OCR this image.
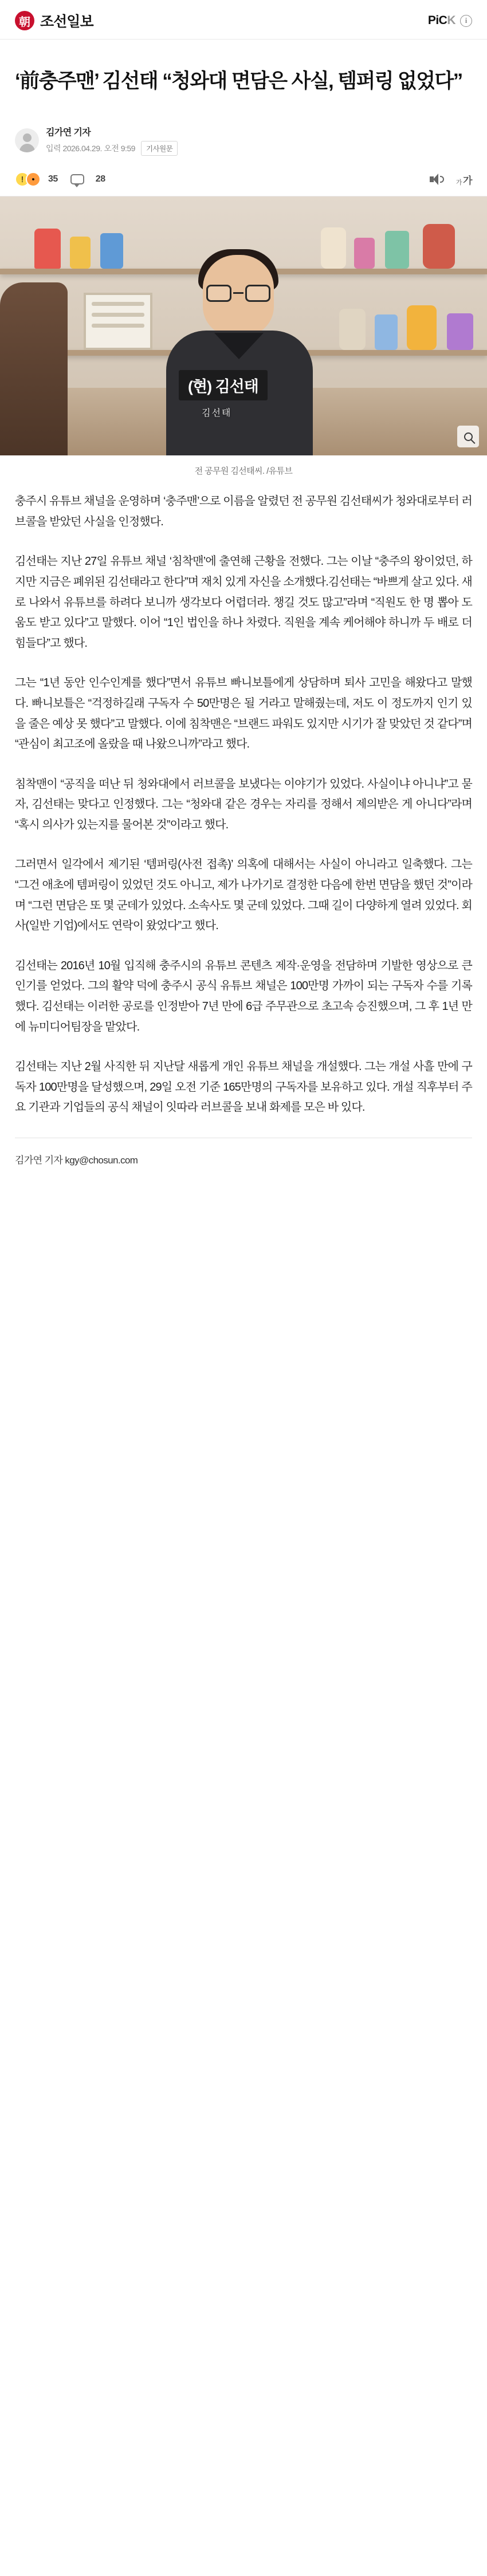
朝 조선일보	PiCK	i
‘前충주맨’ 김선태 “청와대 면담은 사실, 템퍼링 없었다”
김가연 기자
입력 2026.04.29. 오전 9:59	기사원문
! •	35	28	가 가
(현) 김선태
김선태
전 공무원 김선태씨. /유튜브

충주시 유튜브 채널을 운영하며 ‘충주맨’으로 이름을 알렸던 전 공무원 김선태씨가 청와대로부터 러브콜을 받았던 사실을 인정했다.

김선태는 지난 27일 유튜브 채널 ‘침착맨’에 출연해 근황을 전했다. 그는 이날 “충주의 왕이었던, 하지만 지금은 폐위된 김선태라고 한다”며 재치 있게 자신을 소개했다.김선태는 “바쁘게 살고 있다. 새로 나와서 유튜브를 하려다 보니까 생각보다 어렵더라. 챙길 것도 많고”라며 “직원도 한 명 뽑아 도움도 받고 있다”고 말했다. 이어 “1인 법인을 하나 차렸다. 직원을 계속 케어해야 하니까 두 배로 더 힘들다”고 했다.

그는 “1년 동안 인수인계를 했다”면서 유튜브 빠니보틀에게 상담하며 퇴사 고민을 해왔다고 말했다. 빠니보틀은 “걱정하길래 구독자 수 50만명은 될 거라고 말해줬는데, 저도 이 정도까지 인기 있을 줄은 예상 못 했다”고 말했다. 이에 침착맨은 “브랜드 파워도 있지만 시기가 잘 맞았던 것 같다”며 “관심이 최고조에 올랐을 때 나왔으니까”라고 했다.

침착맨이 “공직을 떠난 뒤 청와대에서 러브콜을 보냈다는 이야기가 있었다. 사실이냐 아니냐”고 묻자, 김선태는 맞다고 인정했다. 그는 “청와대 같은 경우는 자리를 정해서 제의받은 게 아니다”라며 “혹시 의사가 있는지를 물어본 것”이라고 했다.

그러면서 일각에서 제기된 ‘템퍼링(사전 접촉)’ 의혹에 대해서는 사실이 아니라고 일축했다. 그는 “그건 애초에 템퍼링이 있었던 것도 아니고, 제가 나가기로 결정한 다음에 한번 면담을 했던 것”이라며 “그런 면담은 또 몇 군데가 있었다. 소속사도 몇 군데 있었다. 그때 길이 다양하게 열려 있었다. 회사(일반 기업)에서도 연락이 왔었다”고 했다.

김선태는 2016년 10월 입직해 충주시의 유튜브 콘텐츠 제작·운영을 전담하며 기발한 영상으로 큰 인기를 얻었다. 그의 활약 덕에 충주시 공식 유튜브 채널은 100만명 가까이 되는 구독자 수를 기록했다. 김선태는 이러한 공로를 인정받아 7년 만에 6급 주무관으로 초고속 승진했으며, 그 후 1년 만에 뉴미디어팀장을 맡았다.

김선태는 지난 2월 사직한 뒤 지난달 새롭게 개인 유튜브 채널을 개설했다. 그는 개설 사흘 만에 구독자 100만명을 달성했으며, 29일 오전 기준 165만명의 구독자를 보유하고 있다. 개설 직후부터 주요 기관과 기업들의 공식 채널이 잇따라 러브콜을 보내 화제를 모은 바 있다.

김가연 기자 kgy@chosun.com
